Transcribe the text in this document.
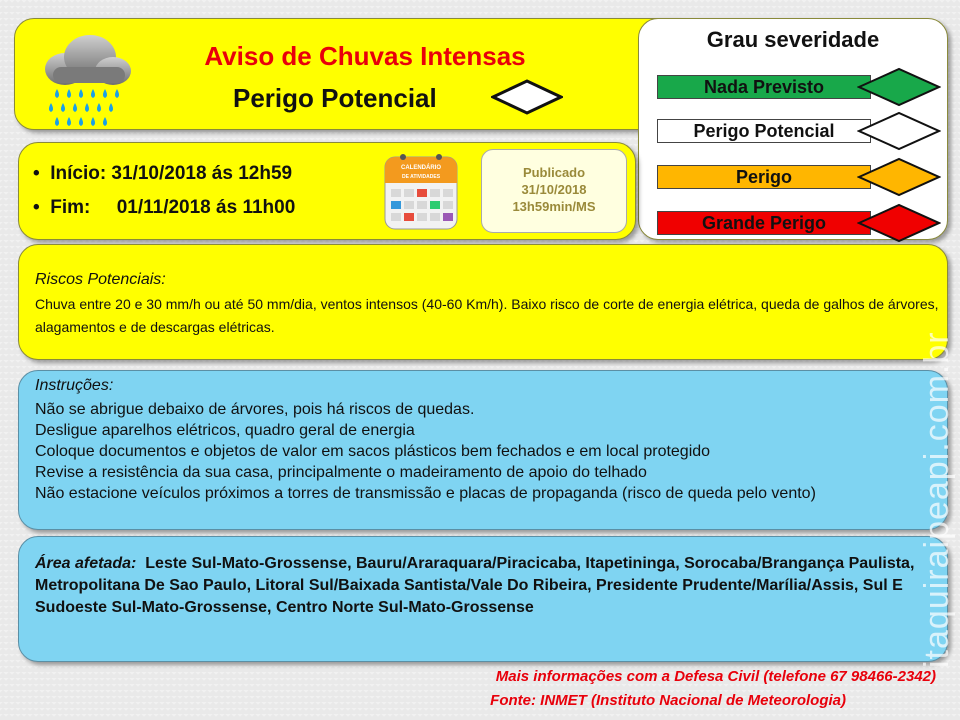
Aviso de Chuvas Intensas
Perigo Potencial
Grau severidade
Nada Previsto
Perigo Potencial
Perigo
Grande Perigo
•  Início: 31/10/2018 ás 12h59
•  Fim:     01/11/2018 ás 11h00
CALENDÁRIO
DE ATIVIDADES	Publicado
31/10/2018
13h59min/MS
Riscos Potenciais:
Chuva entre 20 e 30 mm/h ou até 50 mm/dia, ventos intensos (40-60 Km/h). Baixo risco de corte de energia elétrica, queda de galhos de árvores, alagamentos e de descargas elétricas.
Instruções:
Não se abrigue debaixo de árvores, pois há riscos de quedas.
Desligue aparelhos elétricos, quadro geral de energia
Coloque documentos e objetos de valor em sacos plásticos bem fechados e em local protegido
Revise a resistência da sua casa, principalmente o madeiramento de apoio do telhado
Não estacione veículos próximos a torres de transmissão e placas de propaganda (risco de queda pelo vento)
Área afetada: Leste Sul-Mato-Grossense, Bauru/Araraquara/Piracicaba, Itapetininga, Sorocaba/Brangança Paulista, Metropolitana De Sao Paulo, Litoral Sul/Baixada Santista/Vale Do Ribeira, Presidente Prudente/Marília/Assis, Sul E Sudoeste Sul-Mato-Grossense, Centro Norte Sul-Mato-Grossense	itaquiraipeapi.com.br
Mais informações com a Defesa Civil (telefone 67 98466-2342)
Fonte: INMET (Instituto Nacional de Meteorologia)
